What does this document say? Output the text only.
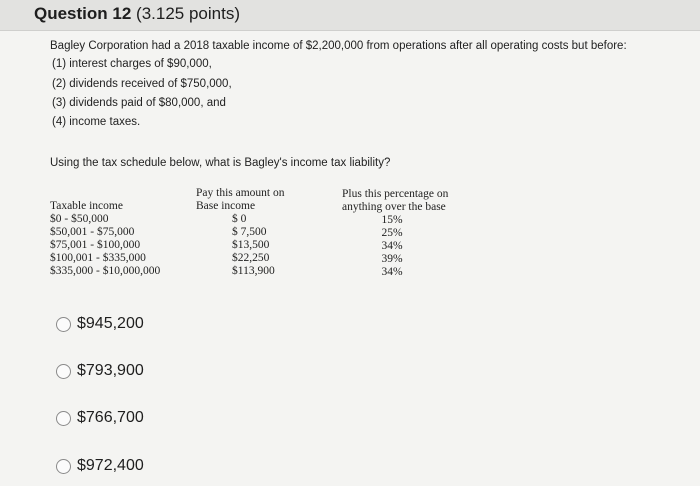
Question 12 (3.125 points)
Bagley Corporation had a 2018 taxable income of $2,200,000 from operations after all operating costs but before:
(1) interest charges of $90,000,
(2) dividends received of $750,000,
(3) dividends paid of $80,000, and
(4) income taxes.
Using the tax schedule below, what is Bagley's income tax liability?
Taxable income
$0 - $50,000
$50,001 - $75,000
$75,001 - $100,000
$100,001 - $335,000
$335,000 - $10,000,000
Pay this amount on
Base income
$ 0
$ 7,500
$13,500
$22,250
$113,900
Plus this percentage on
anything over the base
15%
25%
34%
39%
34%
$945,200
$793,900
$766,700
$972,400
